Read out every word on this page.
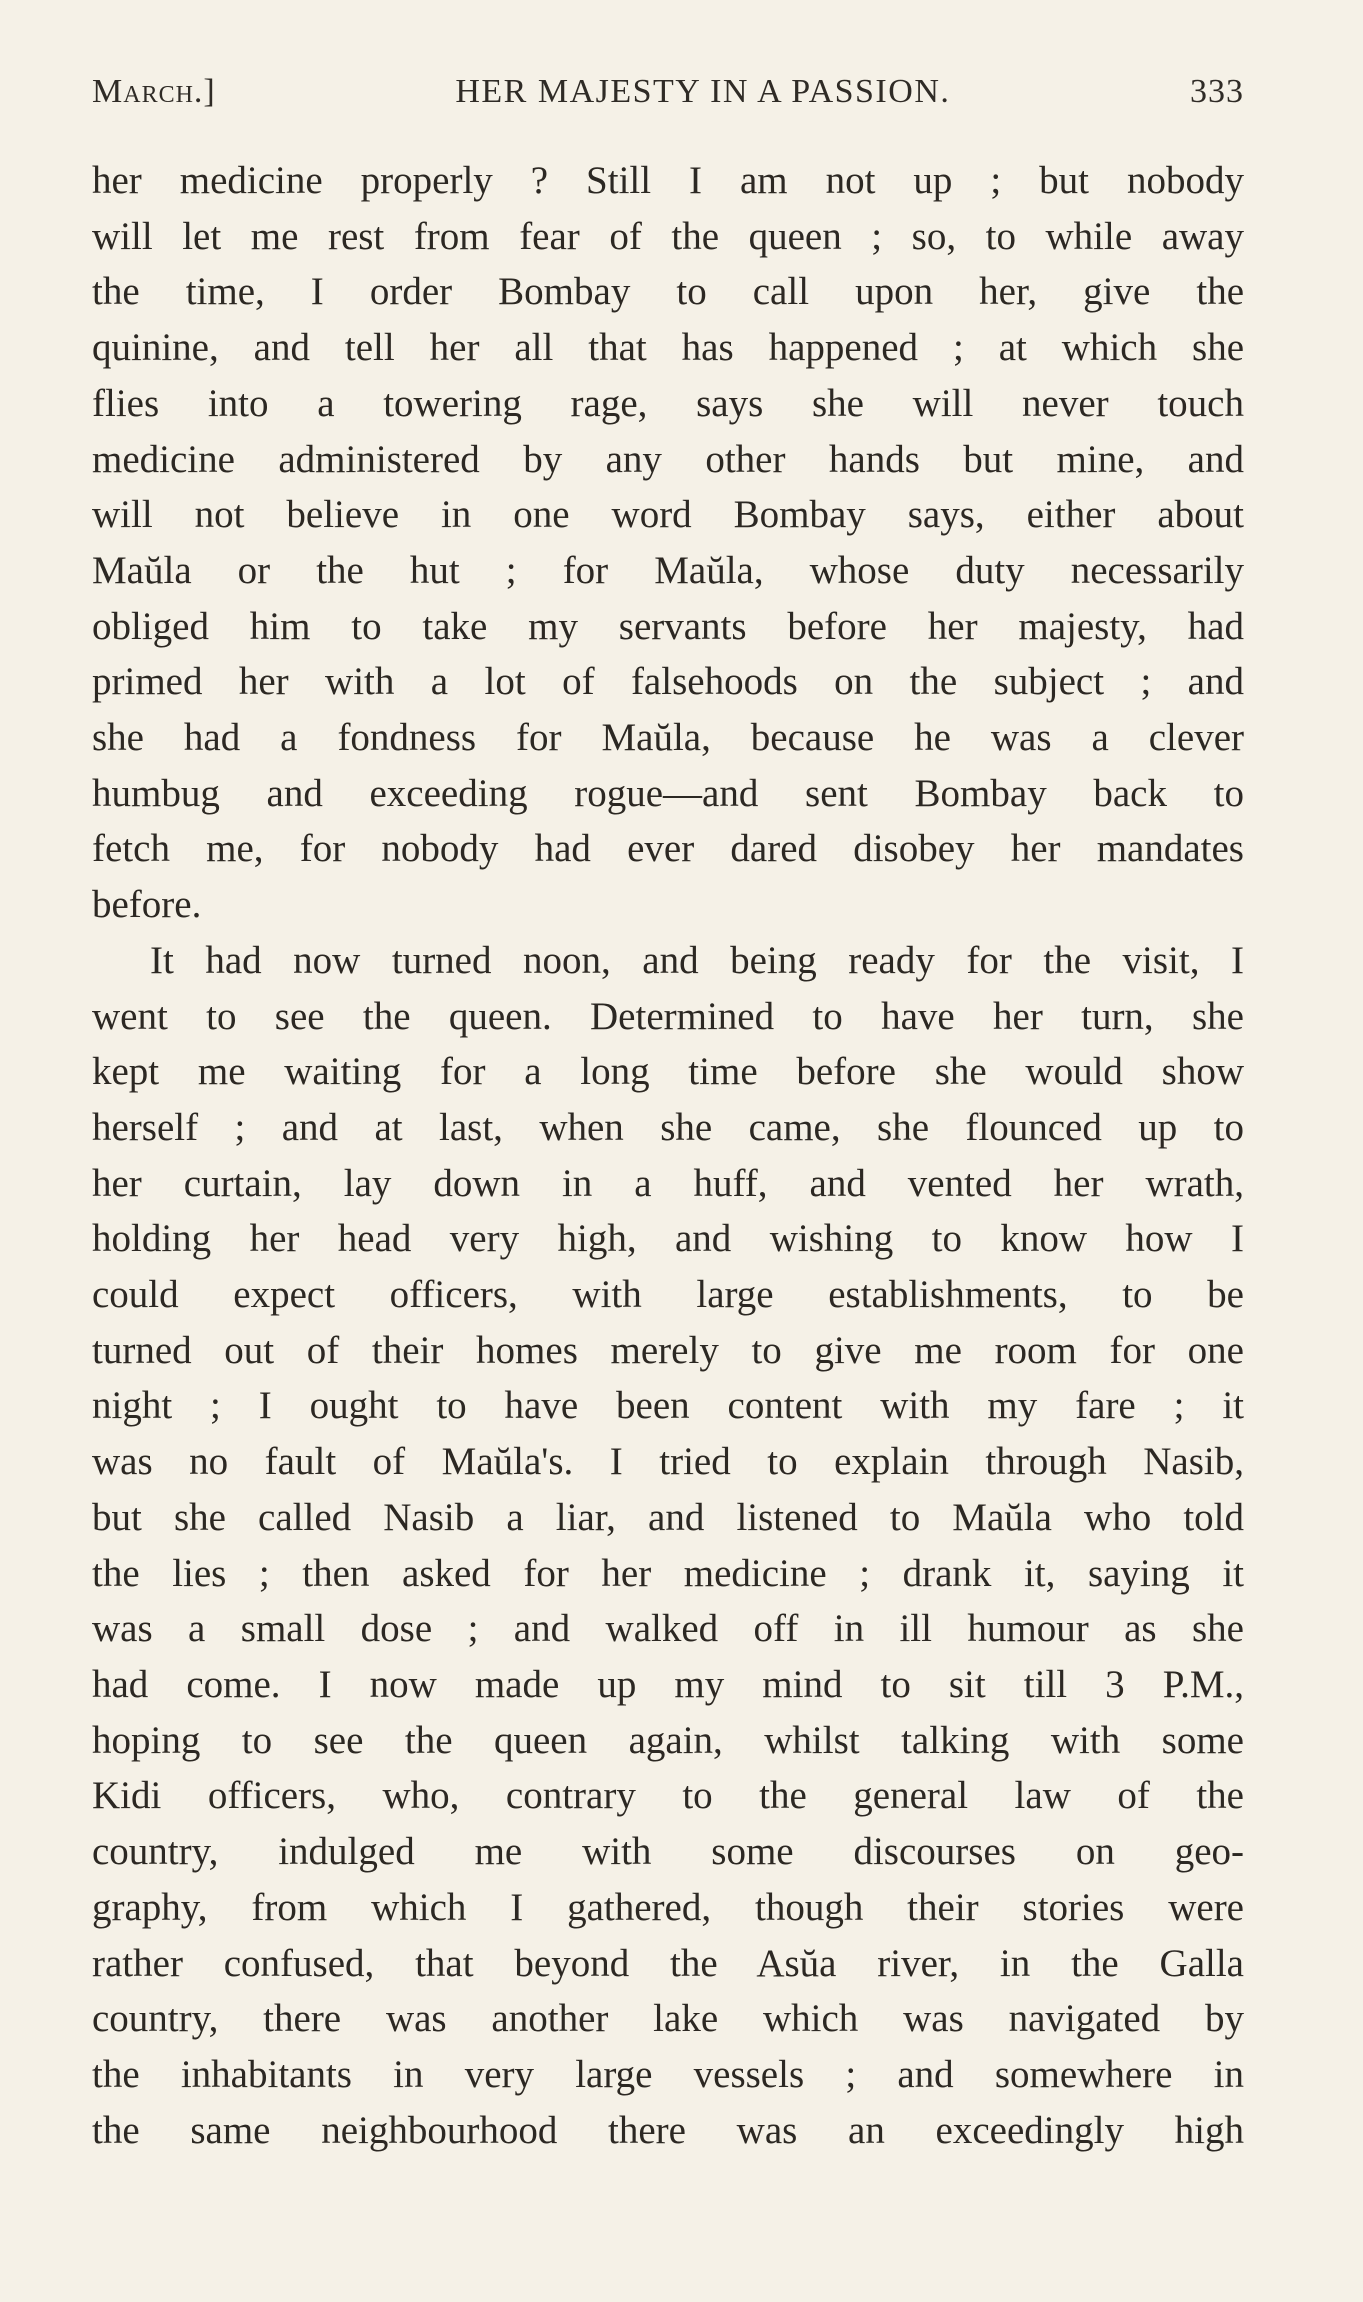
March.]	HER MAJESTY IN A PASSION.	333
her medicine properly ? Still I am not up ; but nobody
will let me rest from fear of the queen ; so, to while away
the time, I order Bombay to call upon her, give the
quinine, and tell her all that has happened ; at which she
flies into a towering rage, says she will never touch
medicine administered by any other hands but mine, and
will not believe in one word Bombay says, either about
Maŭla or the hut ; for Maŭla, whose duty necessarily
obliged him to take my servants before her majesty, had
primed her with a lot of falsehoods on the subject ; and
she had a fondness for Maŭla, because he was a clever
humbug and exceeding rogue—and sent Bombay back to
fetch me, for nobody had ever dared disobey her mandates
before.
It had now turned noon, and being ready for the visit, I
went to see the queen. Determined to have her turn, she
kept me waiting for a long time before she would show
herself ; and at last, when she came, she flounced up to
her curtain, lay down in a huff, and vented her wrath,
holding her head very high, and wishing to know how I
could expect officers, with large establishments, to be
turned out of their homes merely to give me room for one
night ; I ought to have been content with my fare ; it
was no fault of Maŭla's. I tried to explain through Nasib,
but she called Nasib a liar, and listened to Maŭla who told
the lies ; then asked for her medicine ; drank it, saying it
was a small dose ; and walked off in ill humour as she
had come. I now made up my mind to sit till 3 P.M.,
hoping to see the queen again, whilst talking with some
Kidi officers, who, contrary to the general law of the
country, indulged me with some discourses on geo-
graphy, from which I gathered, though their stories were
rather confused, that beyond the Asŭa river, in the Galla
country, there was another lake which was navigated by
the inhabitants in very large vessels ; and somewhere in
the same neighbourhood there was an exceedingly high
